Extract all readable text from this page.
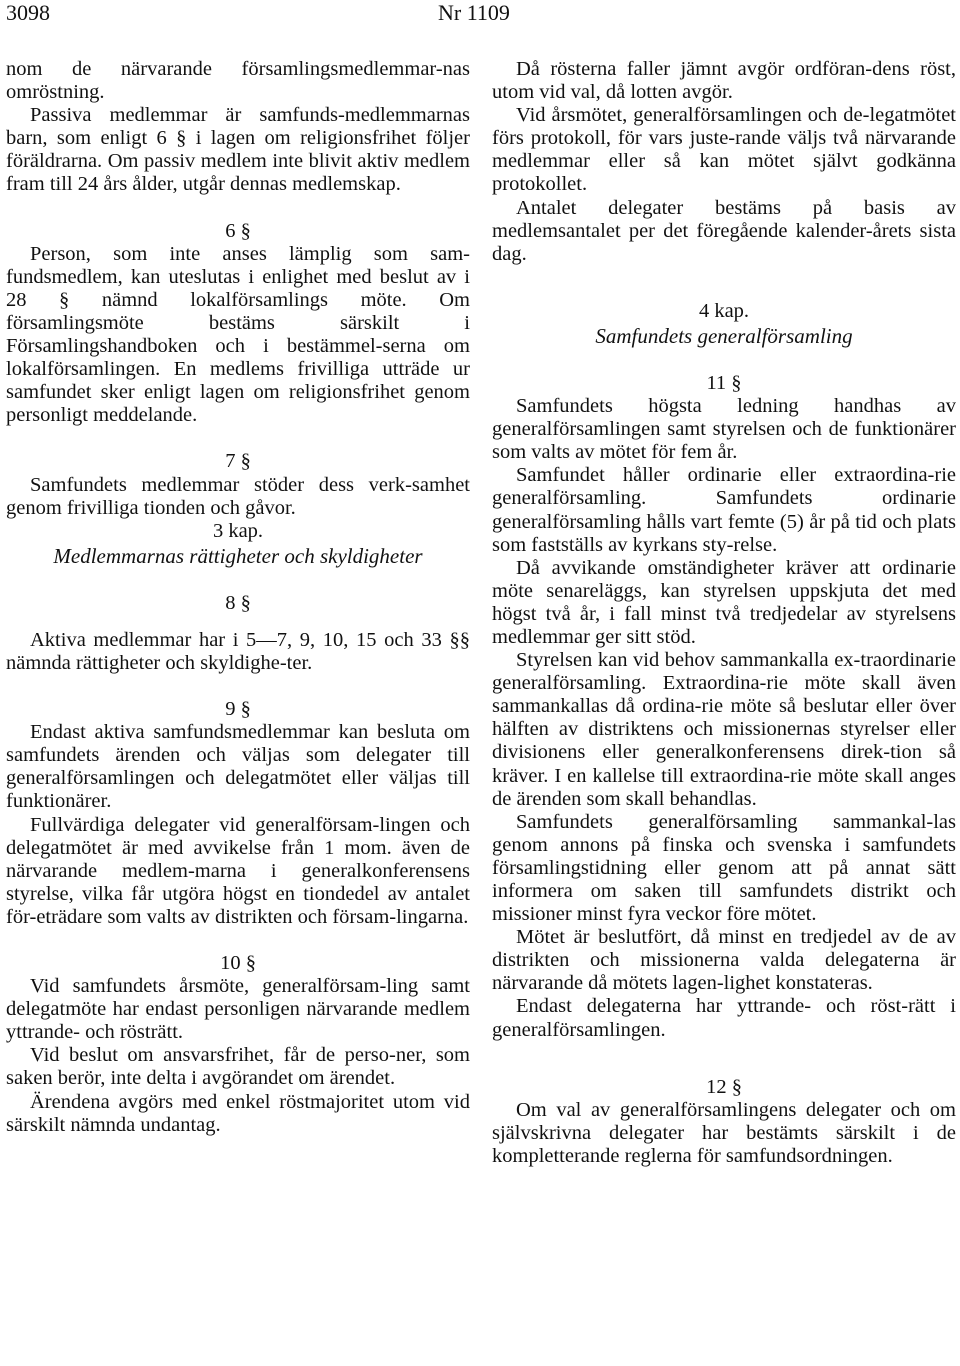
3098	Nr 1109

nom de närvarande församlingsmedlemmar-nas omröstning.

Passiva medlemmar är samfunds-medlemmarnas barn, som enligt 6 § i lagen om religionsfrihet följer föräldrarna. Om passiv medlem inte blivit aktiv medlem fram till 24 års ålder, utgår dennas medlemskap.

6 §

Person, som inte anses lämplig som sam-fundsmedlem, kan uteslutas i enlighet med beslut av i 28 § nämnd lokalförsamlings möte. Om församlingsmöte bestäms särskilt i Församlingshandboken och i bestämmel-serna om lokalförsamlingen. En medlems frivilliga utträde ur samfundet sker enligt lagen om religionsfrihet genom personligt meddelande.

7 §

Samfundets medlemmar stöder dess verk-samhet genom frivilliga tionden och gåvor.

3 kap.

Medlemmarnas rättigheter och skyldigheter

8 §

Aktiva medlemmar har i 5—7, 9, 10, 15 och 33 §§ nämnda rättigheter och skyldighe-ter.

9 §

Endast aktiva samfundsmedlemmar kan besluta om samfundets ärenden och väljas som delegater till generalförsamlingen och delegatmötet eller väljas till funktionärer.

Fullvärdiga delegater vid generalförsam-lingen och delegatmötet är med avvikelse från 1 mom. även de närvarande medlem-marna i generalkonferensens styrelse, vilka får utgöra högst en tiondedel av antalet för-eträdare som valts av distrikten och försam-lingarna.

10 §

Vid samfundets årsmöte, generalförsam-ling samt delegatmöte har endast personligen närvarande medlem yttrande- och rösträtt.

Vid beslut om ansvarsfrihet, får de perso-ner, som saken berör, inte delta i avgörandet om ärendet.

Ärendena avgörs med enkel röstmajoritet utom vid särskilt nämnda undantag.

Då rösterna faller jämnt avgör ordföran-dens röst, utom vid val, då lotten avgör.

Vid årsmötet, generalförsamlingen och de-legatmötet förs protokoll, för vars juste-rande väljs två närvarande medlemmar eller så kan mötet självt godkänna protokollet.

Antalet delegater bestäms på basis av medlemsantalet per det föregående kalender-årets sista dag.

4 kap.

Samfundets generalförsamling

11 §

Samfundets högsta ledning handhas av generalförsamlingen samt styrelsen och de funktionärer som valts av mötet för fem år.

Samfundet håller ordinarie eller extraordina-rie generalförsamling. Samfundets ordinarie generalförsamling hålls vart femte (5) år på tid och plats som fastställs av kyrkans sty-relse.

Då avvikande omständigheter kräver att ordinarie möte senareläggs, kan styrelsen uppskjuta det med högst två år, i fall minst två tredjedelar av styrelsens medlemmar ger sitt stöd.

Styrelsen kan vid behov sammankalla ex-traordinarie generalförsamling. Extraordina-rie möte skall även sammankallas då ordina-rie möte så beslutar eller över hälften av distriktens och missionernas styrelser eller divisionens eller generalkonferensens direk-tion så kräver. I en kallelse till extraordina-rie möte skall anges de ärenden som skall behandlas.

Samfundets generalförsamling sammankal-las genom annons på finska och svenska i samfundets församlingstidning eller genom att på annat sätt informera om saken till samfundets distrikt och missioner minst fyra veckor före mötet.

Mötet är beslutfört, då minst en tredjedel av de av distrikten och missionerna valda delegaterna är närvarande då mötets lagen-lighet konstateras.

Endast delegaterna har yttrande- och röst-rätt i generalförsamlingen.

12 §

Om val av generalförsamlingens delegater och om självskrivna delegater har bestämts särskilt i de kompletterande reglerna för samfundsordningen.
